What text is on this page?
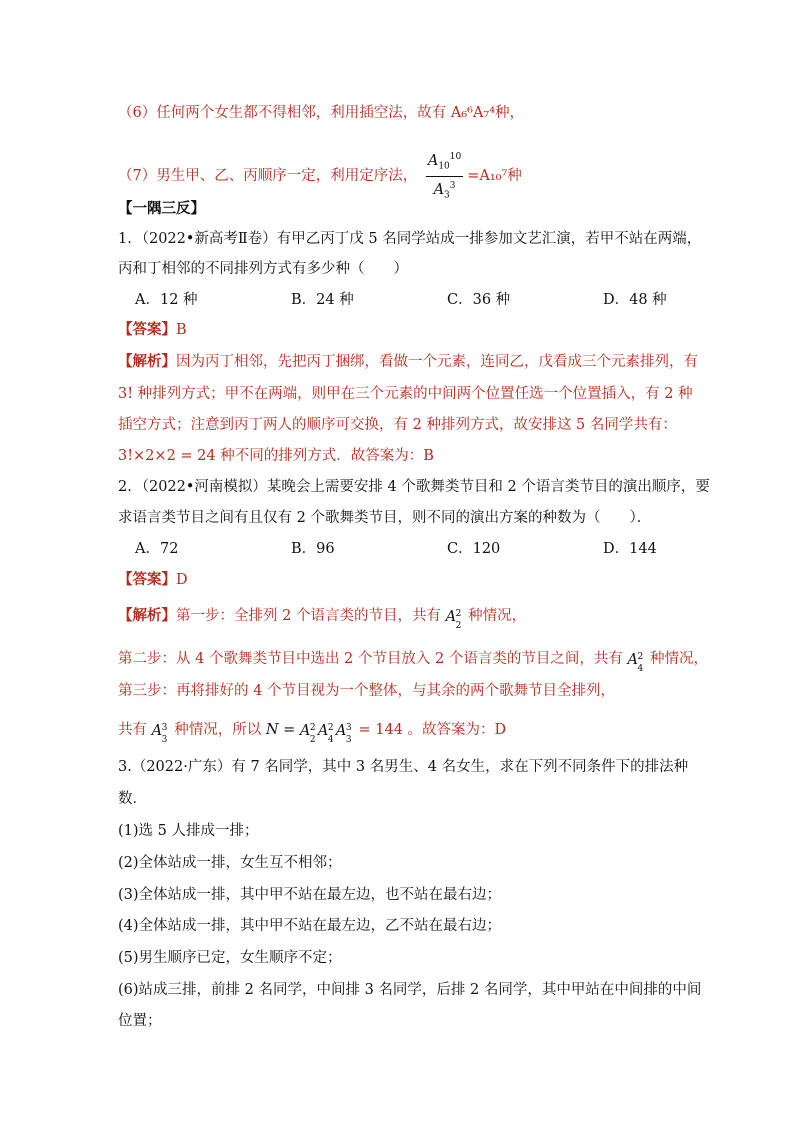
（6）任何两个女生都不得相邻，利用插空法，故有 A₆⁶A₇⁴种，
（7）男生甲、乙、丙顺序一定，利用定序法， $\frac{A_{10}^{10}}{A_3^3} =A_{10}^7$种
【一隅三反】
1．（2022•新高考Ⅱ卷）有甲乙丙丁戊 5 名同学站成一排参加文艺汇演，若甲不站在两端，
丙和丁相邻的不同排列方式有多少种（　　）
A．12 种	B．24 种	C．36 种	D．48 种
【答案】B
【解析】因为丙丁相邻，先把丙丁捆绑，看做一个元素，连同乙，戊看成三个元素排列，有
3! 种排列方式；甲不在两端，则甲在三个元素的中间两个位置任选一个位置插入，有 2 种
插空方式；注意到丙丁两人的顺序可交换，有 2 种排列方式，故安排这 5 名同学共有：
3!×2×2 = 24 种不同的排列方式．故答案为：B
2．（2022•河南模拟）某晚会上需要安排 4 个歌舞类节目和 2 个语言类节目的演出顺序，要
求语言类节目之间有且仅有 2 个歌舞类节目，则不同的演出方案的种数为（　　）．
A．72	B．96	C．120	D．144
【答案】D
【解析】第一步：全排列 2 个语言类的节目，共有 A 2
2
种情况，
第二步：从 4 个歌舞类节目中选出 2 个节目放入 2 个语言类的节目之间，共有 A 2
4
种情况，
第三步：再将排好的 4 个节目视为一个整体，与其余的两个歌舞节目全排列，
共有 A 3
3
种情况，所以 N = A 2
2
A 2
4
A 3
3
= 144 。故答案为：D
3.（2022·广东）有 7 名同学，其中 3 名男生、4 名女生，求在下列不同条件下的排法种
数．
(1)选 5 人排成一排；
(2)全体站成一排，女生互不相邻；
(3)全体站成一排，其中甲不站在最左边，也不站在最右边；
(4)全体站成一排，其中甲不站在最左边，乙不站在最右边；
(5)男生顺序已定，女生顺序不定；
(6)站成三排，前排 2 名同学，中间排 3 名同学，后排 2 名同学，其中甲站在中间排的中间
位置；
